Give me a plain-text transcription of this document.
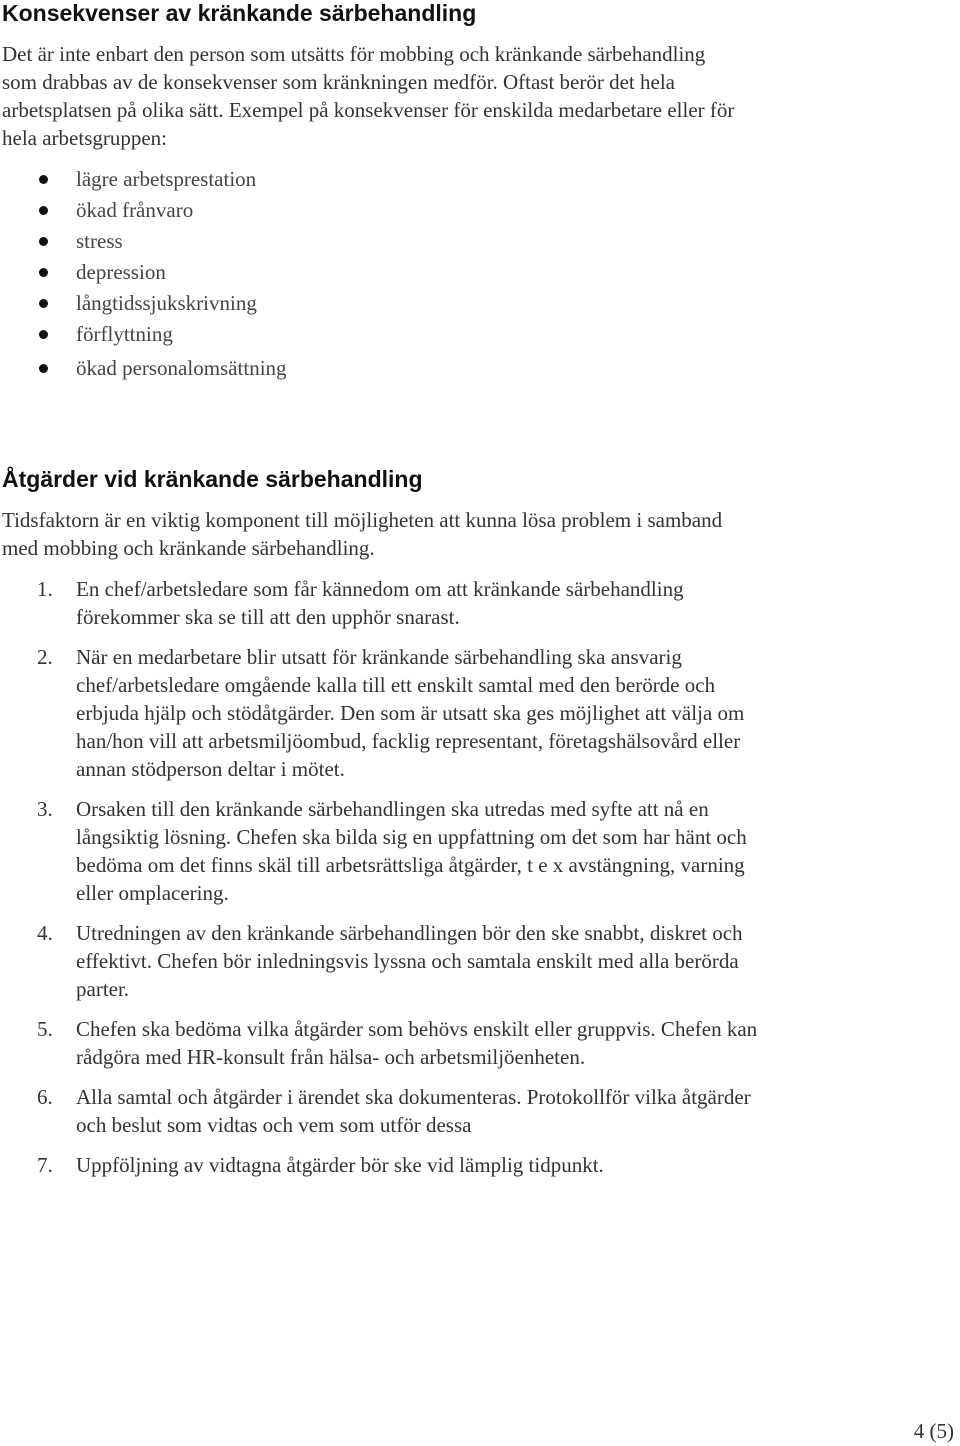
Konsekvenser av kränkande särbehandling

Det är inte enbart den person som utsätts för mobbing och kränkande särbehandling
som drabbas av de konsekvenser som kränkningen medför. Oftast berör det hela
arbetsplatsen på olika sätt. Exempel på konsekvenser för enskilda medarbetare eller för
hela arbetsgruppen:

lägre arbetsprestation
ökad frånvaro
stress
depression
långtidssjukskrivning
förflyttning
ökad personalomsättning
Åtgärder vid kränkande särbehandling

Tidsfaktorn är en viktig komponent till möjligheten att kunna lösa problem i samband
med mobbing och kränkande särbehandling.

1. En chef/arbetsledare som får kännedom om att kränkande särbehandling
förekommer ska se till att den upphör snarast.
2. När en medarbetare blir utsatt för kränkande särbehandling ska ansvarig
chef/arbetsledare omgående kalla till ett enskilt samtal med den berörde och
erbjuda hjälp och stödåtgärder. Den som är utsatt ska ges möjlighet att välja om
han/hon vill att arbetsmiljöombud, facklig representant, företagshälsovård eller
annan stödperson deltar i mötet.
3. Orsaken till den kränkande särbehandlingen ska utredas med syfte att nå en
långsiktig lösning. Chefen ska bilda sig en uppfattning om det som har hänt och
bedöma om det finns skäl till arbetsrättsliga åtgärder, t e x avstängning, varning
eller omplacering.
4. Utredningen av den kränkande särbehandlingen bör den ske snabbt, diskret och
effektivt. Chefen bör inledningsvis lyssna och samtala enskilt med alla berörda
parter.
5. Chefen ska bedöma vilka åtgärder som behövs enskilt eller gruppvis. Chefen kan
rådgöra med HR-konsult från hälsa- och arbetsmiljöenheten.
6. Alla samtal och åtgärder i ärendet ska dokumenteras. Protokollför vilka åtgärder
och beslut som vidtas och vem som utför dessa
7. Uppföljning av vidtagna åtgärder bör ske vid lämplig tidpunkt.
4 (5)
